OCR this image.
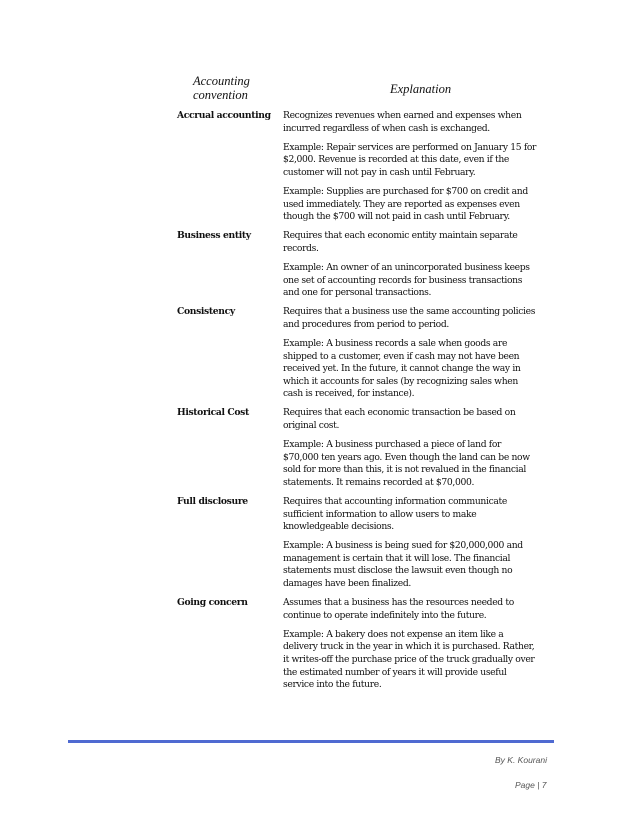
Accounting convention	Explanation
Accrual accounting	Recognizes revenues when earned and expenses when
incurred regardless of when cash is exchanged.

Example: Repair services are performed on January 15 for
$2,000. Revenue is recorded at this date, even if the
customer will not pay in cash until February.

Example: Supplies are purchased for $700 on credit and
used immediately. They are reported as expenses even
though the $700 will not paid in cash until February.

Business entity	Requires that each economic entity maintain separate
records.

Example: An owner of an unincorporated business keeps
one set of accounting records for business transactions
and one for personal transactions.

Consistency	Requires that a business use the same accounting policies
and procedures from period to period.

Example: A business records a sale when goods are
shipped to a customer, even if cash may not have been
received yet. In the future, it cannot change the way in
which it accounts for sales (by recognizing sales when
cash is received, for instance).

Historical Cost	Requires that each economic transaction be based on
original cost.

Example: A business purchased a piece of land for
$70,000 ten years ago. Even though the land can be now
sold for more than this, it is not revalued in the financial
statements. It remains recorded at $70,000.

Full disclosure	Requires that accounting information communicate
sufficient information to allow users to make
knowledgeable decisions.

Example: A business is being sued for $20,000,000 and
management is certain that it will lose. The financial
statements must disclose the lawsuit even though no
damages have been finalized.

Going concern	Assumes that a business has the resources needed to
continue to operate indefinitely into the future.

Example: A bakery does not expense an item like a
delivery truck in the year in which it is purchased. Rather,
it writes-off the purchase price of the truck gradually over
the estimated number of years it will provide useful
service into the future.

By K. Kourani
Page | 7
